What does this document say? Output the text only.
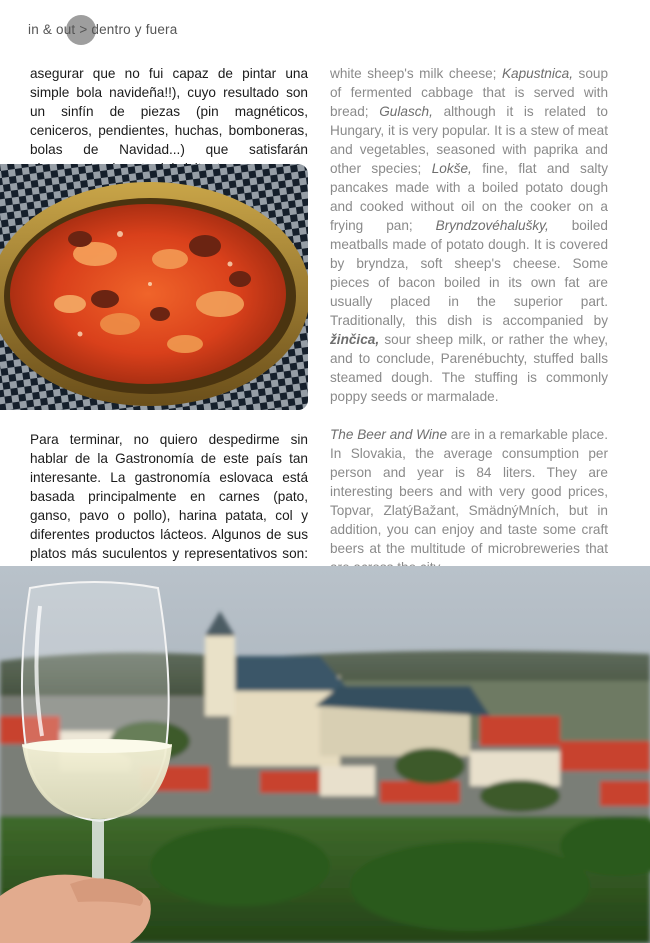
in & out > dentro y fuera

asegurar que no fui capaz de pintar una simple bola navideña!!), cuyo resultado son un sinfín de piezas (pin magnéticos, ceniceros, pendientes, huchas, bomboneras, bolas de Navidad...) que satisfarán

Para terminar, no quiero despedirme sin hablar de la Gastronomía de este país tan interesante. La gastronomía eslovaca está basada principalmente en carnes (pato, ganso, pavo o pollo), harina patata, col y diferentes productos lácteos. Algunos de sus platos más suculentos y representativos son:

white sheep's milk cheese; Kapustnica, soup of fermented cabbage that is served with bread; Gulasch, although it is related to Hungary, it is very popular. It is a stew of meat and vegetables, seasoned with paprika and other species; Lokše, fine, flat and salty pancakes made with a boiled potato dough and cooked without oil on the cooker on a frying pan; Bryndzovéhalušky, boiled meatballs made of potato dough. It is covered by bryndza, soft sheep's cheese. Some pieces of bacon boiled in its own fat are usually placed in the superior part. Traditionally, this dish is accompanied by žinčica, sour sheep milk, or rather the whey, and to conclude, Parenébuchty, stuffed balls steamed dough. The stuffing is commonly poppy seeds or marmalade.

The Beer and Wine are in a remarkable place. In Slovakia, the average consumption per person and year is 84 liters. They are interesting beers and with very good prices, Topvar, ZlatýBažant, SmädnýMních, but in addition, you can enjoy and taste some craft beers at the multitude of microbreweries that
